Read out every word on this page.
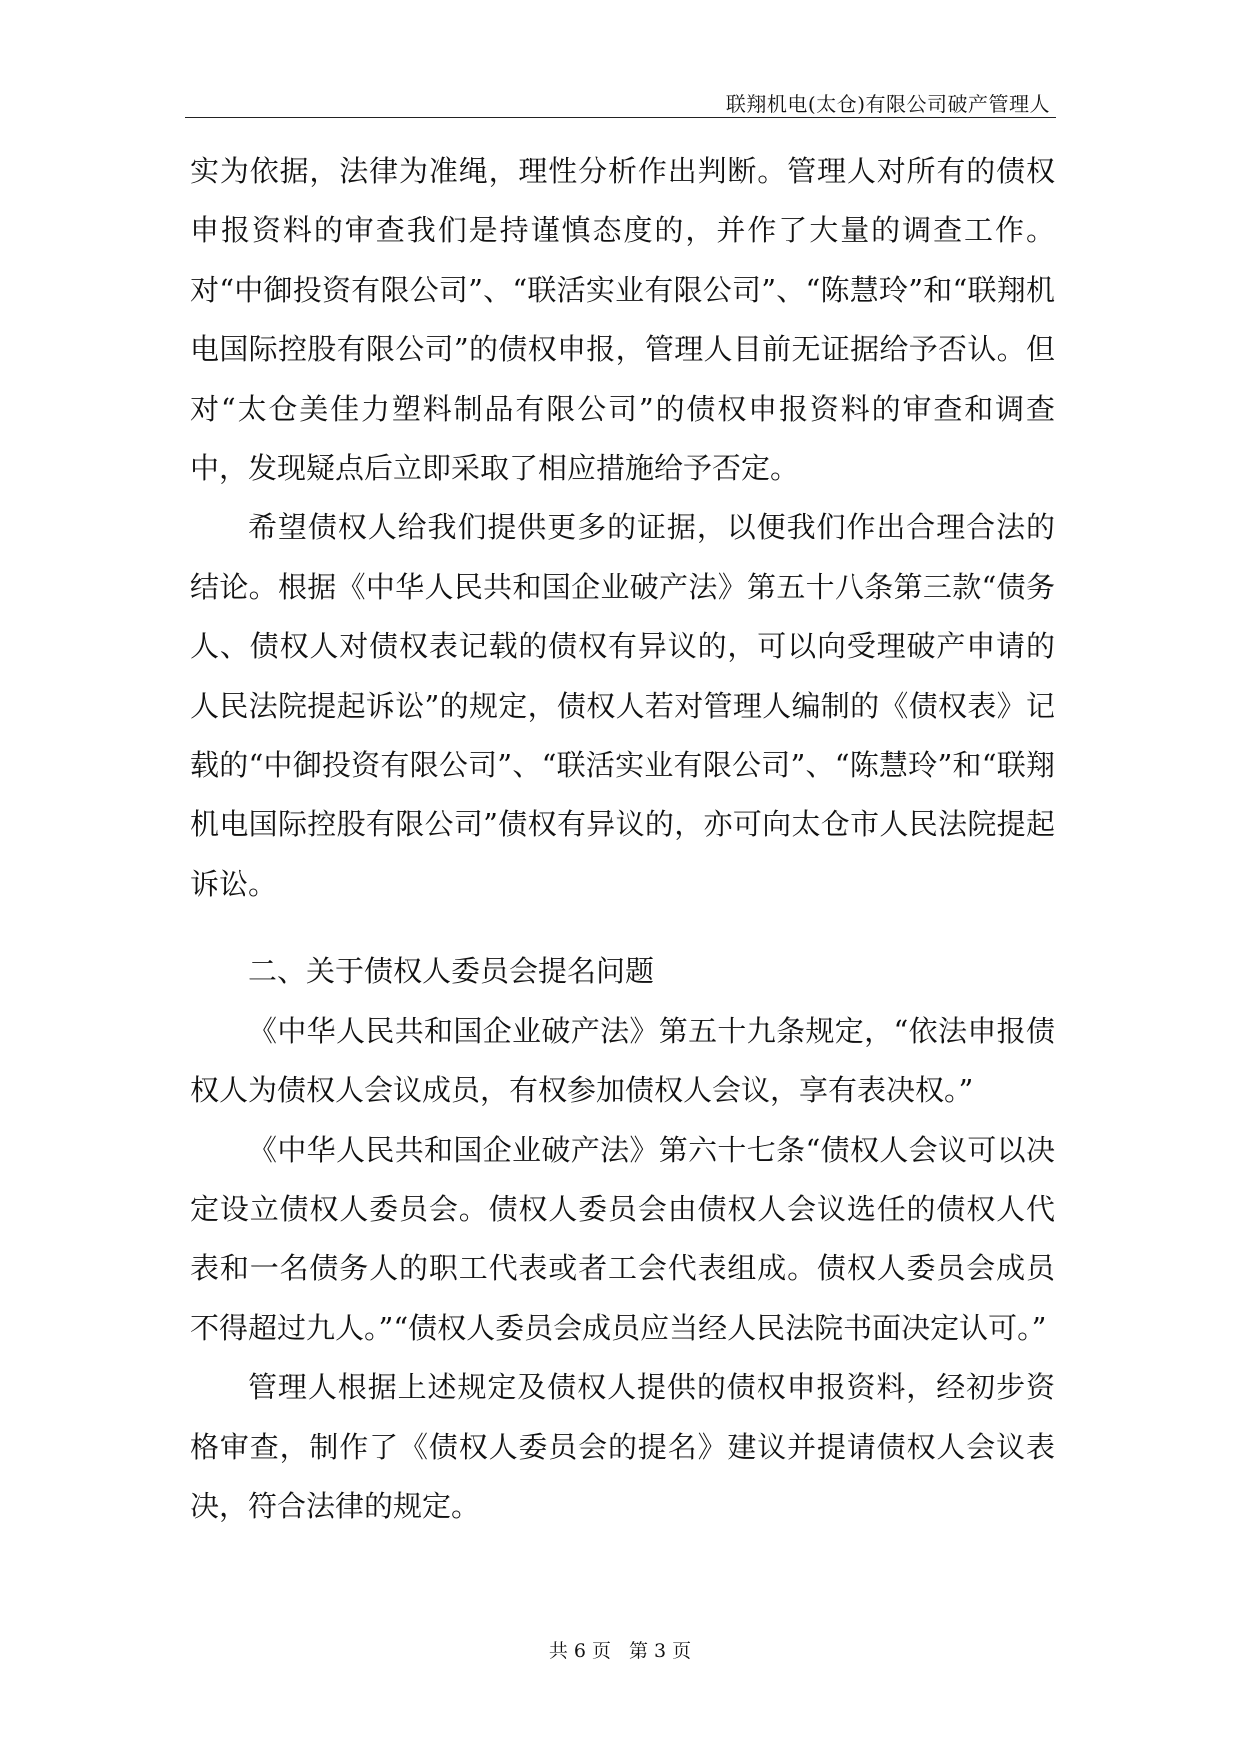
联翔机电(太仓)有限公司破产管理人

实为依据，法律为准绳，理性分析作出判断。管理人对所有的债权申报资料的审查我们是持谨慎态度的，并作了大量的调查工作。对“中御投资有限公司”、“联活实业有限公司”、“陈慧玲”和“联翔机电国际控股有限公司”的债权申报，管理人目前无证据给予否认。但对“太仓美佳力塑料制品有限公司”的债权申报资料的审查和调查中，发现疑点后立即采取了相应措施给予否定。

希望债权人给我们提供更多的证据，以便我们作出合理合法的结论。根据《中华人民共和国企业破产法》第五十八条第三款“债务人、债权人对债权表记载的债权有异议的，可以向受理破产申请的人民法院提起诉讼”的规定，债权人若对管理人编制的《债权表》记载的“中御投资有限公司”、“联活实业有限公司”、“陈慧玲”和“联翔机电国际控股有限公司”债权有异议的，亦可向太仓市人民法院提起诉讼。

二、关于债权人委员会提名问题

《中华人民共和国企业破产法》第五十九条规定，“依法申报债权人为债权人会议成员，有权参加债权人会议，享有表决权。”

《中华人民共和国企业破产法》第六十七条“债权人会议可以决定设立债权人委员会。债权人委员会由债权人会议选任的债权人代表和一名债务人的职工代表或者工会代表组成。债权人委员会成员不得超过九人。”“债权人委员会成员应当经人民法院书面决定认可。”

管理人根据上述规定及债权人提供的债权申报资料，经初步资格审查，制作了《债权人委员会的提名》建议并提请债权人会议表决，符合法律的规定。

共 6 页 第 3 页
